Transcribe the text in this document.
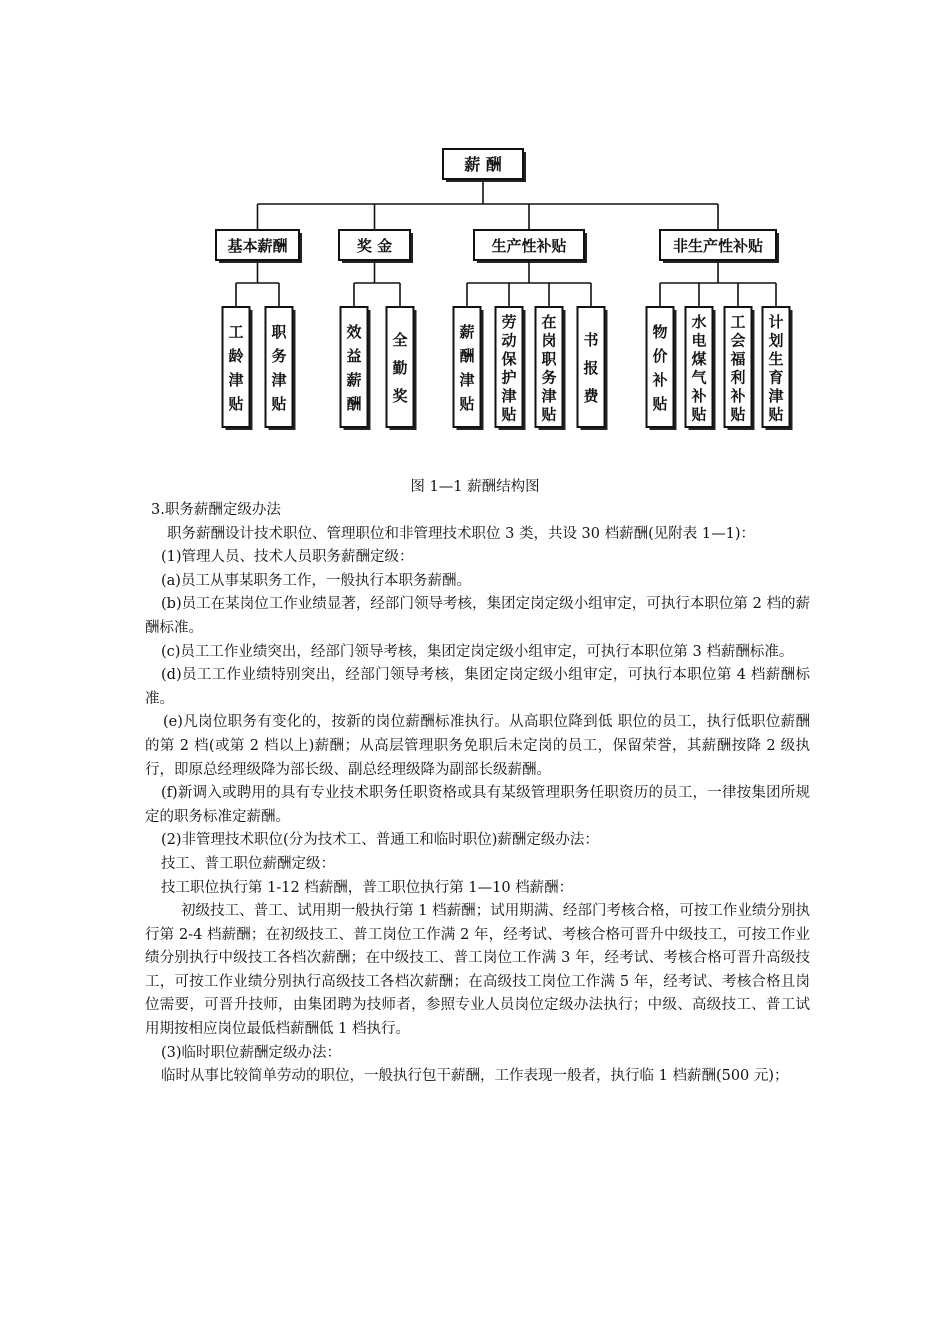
薪 酬
基本薪酬
工龄津贴
职务津贴
奖 金
效益薪酬
全勤奖
生产性补贴
薪酬津贴
劳动保护津贴
在岗职务津贴
书报费
非生产性补贴
物价补贴
水电煤气补贴
工会福利补贴
计划生育津贴
图 1—1 薪酬结构图

3.职务薪酬定级办法

职务薪酬设计技术职位、管理职位和非管理技术职位 3 类，共设 30 档薪酬(见附表 1—1)：

(1)管理人员、技术人员职务薪酬定级：

(a)员工从事某职务工作，一般执行本职务薪酬。

(b)员工在某岗位工作业绩显著，经部门领导考核，集团定岗定级小组审定，可执行本职位第 2 档的薪酬标准。

(c)员工工作业绩突出，经部门领导考核，集团定岗定级小组审定，可执行本职位第 3 档薪酬标准。

(d)员工工作业绩特别突出，经部门领导考核，集团定岗定级小组审定，可执行本职位第 4 档薪酬标准。

(e)凡岗位职务有变化的，按新的岗位薪酬标准执行。从高职位降到低 职位的员工，执行低职位薪酬的第 2 档(或第 2 档以上)薪酬；从高层管理职务免职后未定岗的员工，保留荣誉，其薪酬按降 2 级执行，即原总经理级降为部长级、副总经理级降为副部长级薪酬。

(f)新调入或聘用的具有专业技术职务任职资格或具有某级管理职务任职资历的员工，一律按集团所规定的职务标准定薪酬。

(2)非管理技术职位(分为技术工、普通工和临时职位)薪酬定级办法：

技工、普工职位薪酬定级：

技工职位执行第 1-12 档薪酬，普工职位执行第 1—10 档薪酬：

初级技工、普工、试用期一般执行第 1 档薪酬；试用期满、经部门考核合格，可按工作业绩分别执行第 2-4 档薪酬；在初级技工、普工岗位工作满 2 年，经考试、考核合格可晋升中级技工，可按工作业绩分别执行中级技工各档次薪酬；在中级技工、普工岗位工作满 3 年，经考试、考核合格可晋升高级技工，可按工作业绩分别执行高级技工各档次薪酬；在高级技工岗位工作满 5 年，经考试、考核合格且岗位需要，可晋升技师，由集团聘为技师者，参照专业人员岗位定级办法执行；中级、高级技工、普工试用期按相应岗位最低档薪酬低 1 档执行。

(3)临时职位薪酬定级办法：

临时从事比较简单劳动的职位，一般执行包干薪酬，工作表现一般者，执行临 1 档薪酬(500 元)；
